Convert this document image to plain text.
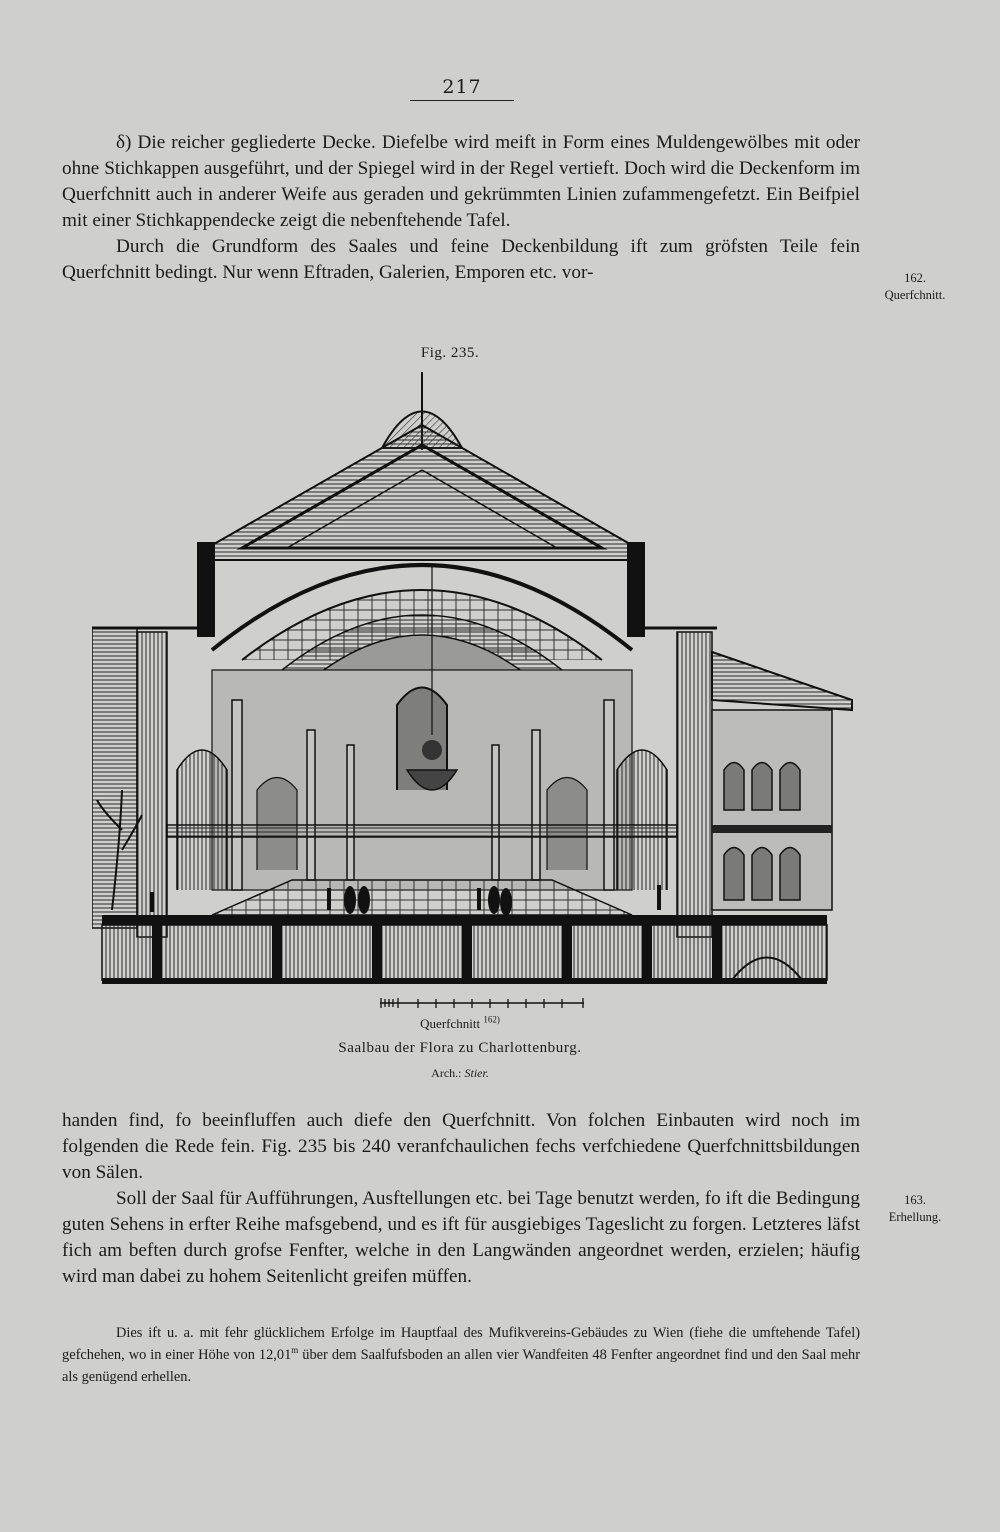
217

δ) Die reicher gegliederte Decke. Diefelbe wird meift in Form eines Muldengewölbes mit oder ohne Stichkappen ausgeführt, und der Spiegel wird in der Regel vertieft. Doch wird die Deckenform im Querfchnitt auch in anderer Weife aus geraden und gekrümmten Linien zufammengefetzt. Ein Beifpiel mit einer Stichkappendecke zeigt die nebenftehende Tafel.

Durch die Grundform des Saales und feine Deckenbildung ift zum gröfsten Teile fein Querfchnitt bedingt. Nur wenn Eftraden, Galerien, Emporen etc. vor-	162.
Querfchnitt.
Fig. 235.
Querfchnitt $^{162)}$
Saalbau der Flora zu Charlottenburg.
Arch.: Stier.

handen find, fo beeinfluffen auch diefe den Querfchnitt. Von folchen Einbauten wird noch im folgenden die Rede fein. Fig. 235 bis 240 veranfchaulichen fechs verfchiedene Querfchnittsbildungen von Sälen.

Soll der Saal für Aufführungen, Ausftellungen etc. bei Tage benutzt werden, fo ift die Bedingung guten Sehens in erfter Reihe mafsgebend, und es ift für ausgiebiges Tageslicht zu forgen. Letzteres läfst fich am beften durch grofse Fenfter, welche in den Langwänden angeordnet werden, erzielen; häufig wird man dabei zu hohem Seitenlicht greifen müffen.

163.
Erhellung.

Dies ift u. a. mit fehr glücklichem Erfolge im Hauptfaal des Mufikvereins-Gebäudes zu Wien (fiehe die umftehende Tafel) gefchehen, wo in einer Höhe von 12,01$^m$ über dem Saalfufsboden an allen vier Wandfeiten 48 Fenfter angeordnet find und den Saal mehr als genügend erhellen.
